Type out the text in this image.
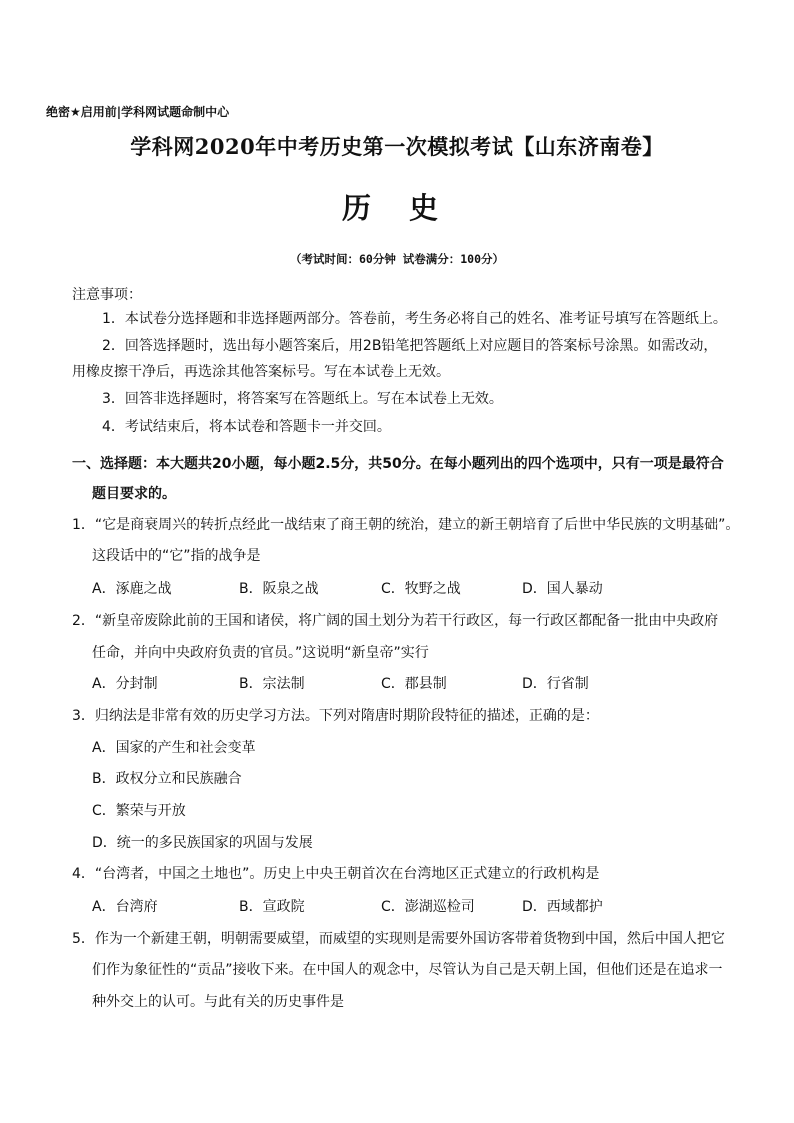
绝密★启用前|学科网试题命制中心
学科网2020年中考历史第一次模拟考试【山东济南卷】
历 史
（考试时间：60分钟 试卷满分：100分）
注意事项：
1．本试卷分选择题和非选择题两部分。答卷前，考生务必将自己的姓名、准考证号填写在答题纸上。
2．回答选择题时，选出每小题答案后，用2B铅笔把答题纸上对应题目的答案标号涂黑。如需改动，
用橡皮擦干净后，再选涂其他答案标号。写在本试卷上无效。
3．回答非选择题时，将答案写在答题纸上。写在本试卷上无效。
4．考试结束后，将本试卷和答题卡一并交回。
一、选择题：本大题共20小题，每小题2.5分，共50分。在每小题列出的四个选项中，只有一项是最符合
题目要求的。
1．“它是商衰周兴的转折点经此一战结束了商王朝的统治，建立的新王朝培育了后世中华民族的文明基础”。
这段话中的“它”指的战争是
A．涿鹿之战	B．阪泉之战	C．牧野之战	D．国人暴动
2．“新皇帝废除此前的王国和诸侯，将广阔的国土划分为若干行政区，每一行政区都配备一批由中央政府
任命，并向中央政府负责的官员。”这说明“新皇帝”实行
A．分封制	B．宗法制	C．郡县制	D．行省制
3．归纳法是非常有效的历史学习方法。下列对隋唐时期阶段特征的描述，正确的是：
A．国家的产生和社会变革
B．政权分立和民族融合
C．繁荣与开放
D．统一的多民族国家的巩固与发展
4．“台湾者，中国之土地也”。历史上中央王朝首次在台湾地区正式建立的行政机构是
A．台湾府	B．宣政院	C．澎湖巡检司	D．西域都护
5．作为一个新建王朝，明朝需要威望，而威望的实现则是需要外国访客带着货物到中国，然后中国人把它
们作为象征性的“贡品”接收下来。在中国人的观念中，尽管认为自己是天朝上国，但他们还是在追求一
种外交上的认可。与此有关的历史事件是
